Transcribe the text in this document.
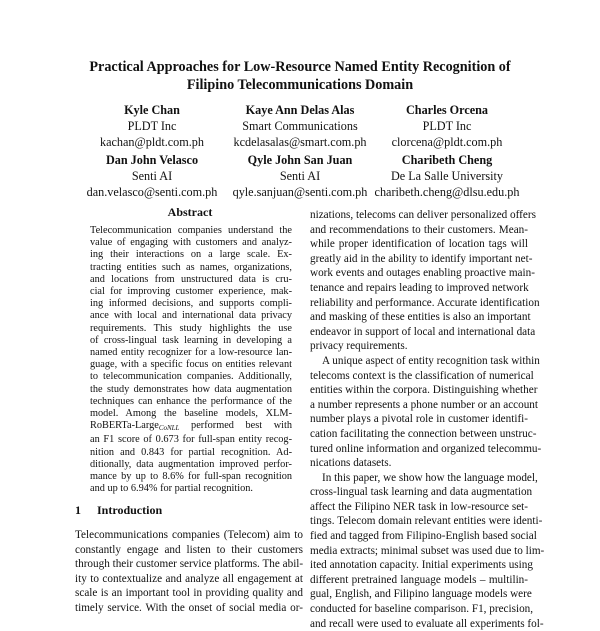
Practical Approaches for Low-Resource Named Entity Recognition of
Filipino Telecommunications Domain
Kyle Chan
PLDT Inc
kachan@pldt.com.ph
Kaye Ann Delas Alas
Smart Communications
kcdelasalas@smart.com.ph
Charles Orcena
PLDT Inc
clorcena@pldt.com.ph
Dan John Velasco
Senti AI
dan.velasco@senti.com.ph
Qyle John San Juan
Senti AI
qyle.sanjuan@senti.com.ph
Charibeth Cheng
De La Salle University
charibeth.cheng@dlsu.edu.ph
Abstract
Telecommunication companies understand the
value of engaging with customers and analyz-
ing their interactions on a large scale. Ex-
tracting entities such as names, organizations,
and locations from unstructured data is cru-
cial for improving customer experience, mak-
ing informed decisions, and supports compli-
ance with local and international data privacy
requirements. This study highlights the use
of cross-lingual task learning in developing a
named entity recognizer for a low-resource lan-
guage, with a specific focus on entities relevant
to telecommunication companies. Additionally,
the study demonstrates how data augmentation
techniques can enhance the performance of the
model. Among the baseline models, XLM-
RoBERTa-Large$_{CoNLL}$ performed best with
an F1 score of 0.673 for full-span entity recog-
nition and 0.843 for partial recognition. Ad-
ditionally, data augmentation improved perfor-
mance by up to 8.6% for full-span recognition
and up to 6.94% for partial recognition.
1 Introduction
Telecommunications companies (Telecom) aim to
constantly engage and listen to their customers
through their customer service platforms. The abil-
ity to contextualize and analyze all engagement at
scale is an important tool in providing quality and
timely service. With the onset of social media or-
nizations, telecoms can deliver personalized offers
and recommendations to their customers. Mean-
while proper identification of location tags will
greatly aid in the ability to identify important net-
work events and outages enabling proactive main-
tenance and repairs leading to improved network
reliability and performance. Accurate identification
and masking of these entities is also an important
endeavor in support of local and international data
privacy requirements.
A unique aspect of entity recognition task within
telecoms context is the classification of numerical
entities within the corpora. Distinguishing whether
a number represents a phone number or an account
number plays a pivotal role in customer identifi-
cation facilitating the connection between unstruc-
tured online information and organized telecommu-
nications datasets.
In this paper, we show how the language model,
cross-lingual task learning and data augmentation
affect the Filipino NER task in low-resource set-
tings. Telecom domain relevant entities were identi-
fied and tagged from Filipino-English based social
media extracts; minimal subset was used due to lim-
ited annotation capacity. Initial experiments using
different pretrained language models – multilin-
gual, English, and Filipino language models were
conducted for baseline comparison. F1, precision,
and recall were used to evaluate all experiments fol-
